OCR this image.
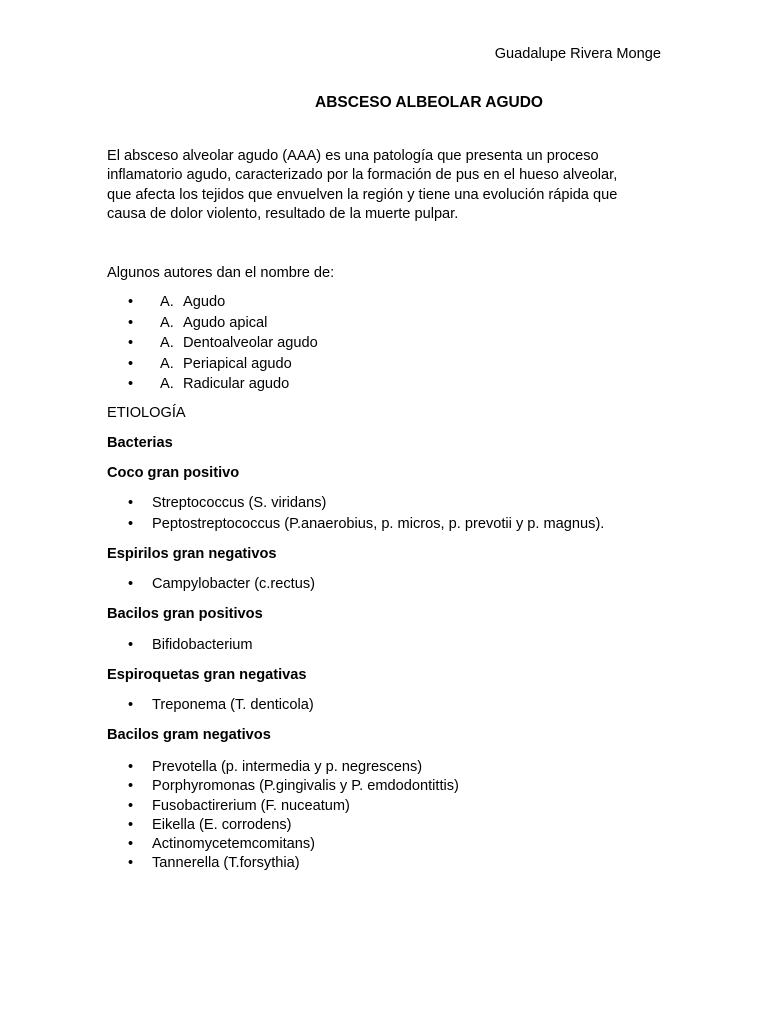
Guadalupe Rivera Monge
ABSCESO ALBEOLAR AGUDO

El absceso alveolar agudo (AAA) es una patología que presenta un proceso
inflamatorio agudo, caracterizado por la formación de pus en el hueso alveolar,
que afecta los tejidos que envuelven la región y tiene una evolución rápida que
causa de dolor violento, resultado de la muerte pulpar.

Algunos autores dan el nombre de:

• A. Agudo
• A. Agudo apical
• A. Dentoalveolar agudo
• A. Periapical agudo
• A. Radicular agudo

ETIOLOGÍA

Bacterias

Coco gran positivo

• Streptococcus (S. viridans)
• Peptostreptococcus (P.anaerobius, p. micros, p. prevotii y p. magnus).

Espirilos gran negativos

• Campylobacter (c.rectus)

Bacilos gran positivos

• Bifidobacterium

Espiroquetas gran negativas

• Treponema (T. denticola)

Bacilos gram negativos

• Prevotella (p. intermedia y p. negrescens)
• Porphyromonas (P.gingivalis y P. emdodontittis)
• Fusobactirerium (F. nuceatum)
• Eikella (E. corrodens)
• Actinomycetemcomitans)
• Tannerella (T.forsythia)
